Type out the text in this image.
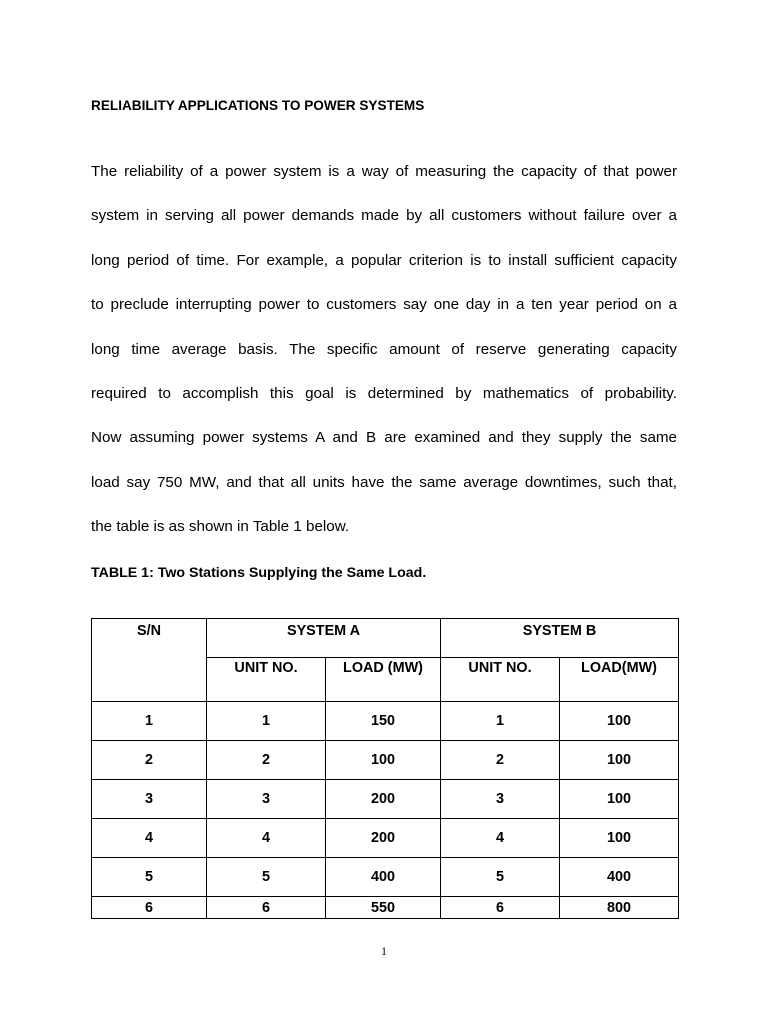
RELIABILITY APPLICATIONS TO POWER SYSTEMS
The reliability of a power system is a way of measuring the capacity of that power
system in serving all power demands made by all customers without failure over a
long period of time. For example, a popular criterion is to install sufficient capacity
to preclude interrupting power to customers say one day in a ten year period on a
long time average basis. The specific amount of reserve generating capacity
required to accomplish this goal is determined by mathematics of probability.
Now assuming power systems A and B are examined and they supply the same
load say 750 MW, and that all units have the same average downtimes, such that,
the table is as shown in Table 1 below.
TABLE 1: Two Stations Supplying the Same Load.
S/N	SYSTEM A		SYSTEM B	
	UNIT NO.	LOAD (MW)	UNIT NO.	LOAD(MW)
1	1	150	1	100
2	2	100	2	100
3	3	200	3	100
4	4	200	4	100
5	5	400	5	400
6	6	550	6	800
1
